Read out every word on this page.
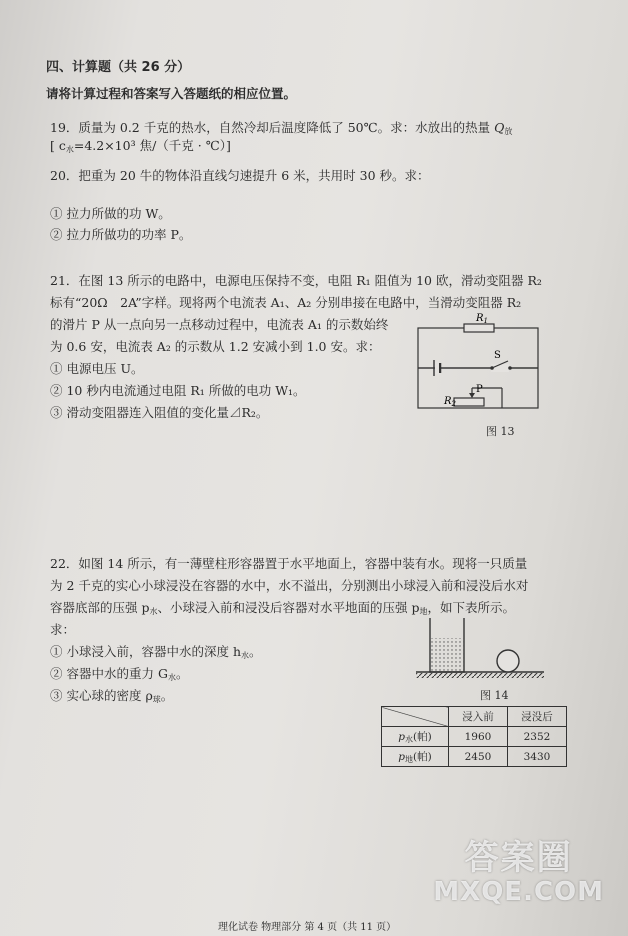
四、计算题（共 26 分）
请将计算过程和答案写入答题纸的相应位置。
19．质量为 0.2 千克的热水，自然冷却后温度降低了 50℃。求：水放出的热量 $Q_放$
[ $c_水=4.2\times 10^3$ 焦/（千克 · ℃）]
20．把重为 20 牛的物体沿直线匀速提升 6 米，共用时 30 秒。求：
① 拉力所做的功 W。
② 拉力所做功的功率 P。
21．在图 13 所示的电路中，电源电压保持不变，电阻 R₁ 阻值为 10 欧，滑动变阻器 R₂
标有“20Ω　2A”字样。现将两个电流表 A₁、A₂ 分别串接在电路中，当滑动变阻器 R₂
的滑片 P 从一点向另一点移动过程中，电流表 A₁ 的示数始终
为 0.6 安，电流表 A₂ 的示数从 1.2 安减小到 1.0 安。求：
① 电源电压 U。
② 10 秒内电流通过电阻 R₁ 所做的电功 W₁。
③ 滑动变阻器连入阻值的变化量⊿R₂。
$R_1$
S
$R_2$
P
图 13
22．如图 14 所示，有一薄壁柱形容器置于水平地面上，容器中装有水。现将一只质量
为 2 千克的实心小球浸没在容器的水中，水不溢出，分别测出小球浸入前和浸没后水对
容器底部的压强 $p_水$、小球浸入前和浸没后容器对水平地面的压强 $p_地$，如下表所示。
求：
① 小球浸入前，容器中水的深度 $h_水$。
② 容器中水的重力 $G_水$。
③ 实心球的密度 $\rho_球$。	图 14
	浸入前	浸没后
$p_水$(帕)	1960	2352
$p_地$(帕)	2450	3430
答案圈
MXQE.COM
理化试卷 物理部分 第 4 页（共 11 页）
